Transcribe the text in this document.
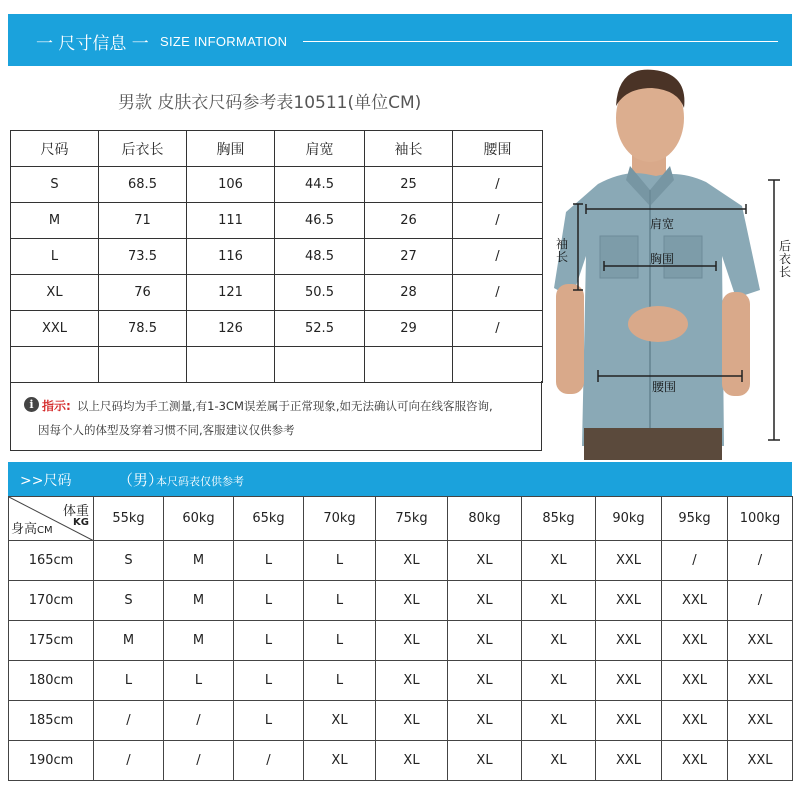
一 尺寸信息 一 SIZE INFORMATION
男款 皮肤衣尺码参考表10511(单位CM)
尺码	后衣长	胸围	肩宽	袖长	腰围
S	68.5	106	44.5	25	/
M	71	111	46.5	26	/
L	73.5	116	48.5	27	/
XL	76	121	50.5	28	/
XXL	78.5	126	52.5	29	/

i 指示: 以上尺码均为手工测量,有1-3CM误差属于正常现象,如无法确认可向在线客服咨询,
因每个人的体型及穿着习惯不同,客服建议仅供参考
肩宽
胸围
腰围
袖长
后衣长
>>尺码	（男）
本尺码表仅供参考
体重
KG
身高CM	55kg	60kg	65kg	70kg	75kg	80kg	85kg	90kg	95kg	100kg
165cm	S	M	L	L	XL	XL	XL	XXL	/	/
170cm	S	M	L	L	XL	XL	XL	XXL	XXL	/
175cm	M	M	L	L	XL	XL	XL	XXL	XXL	XXL
180cm	L	L	L	L	XL	XL	XL	XXL	XXL	XXL
185cm	/	/	L	XL	XL	XL	XL	XXL	XXL	XXL
190cm	/	/	/	XL	XL	XL	XL	XXL	XXL	XXL
